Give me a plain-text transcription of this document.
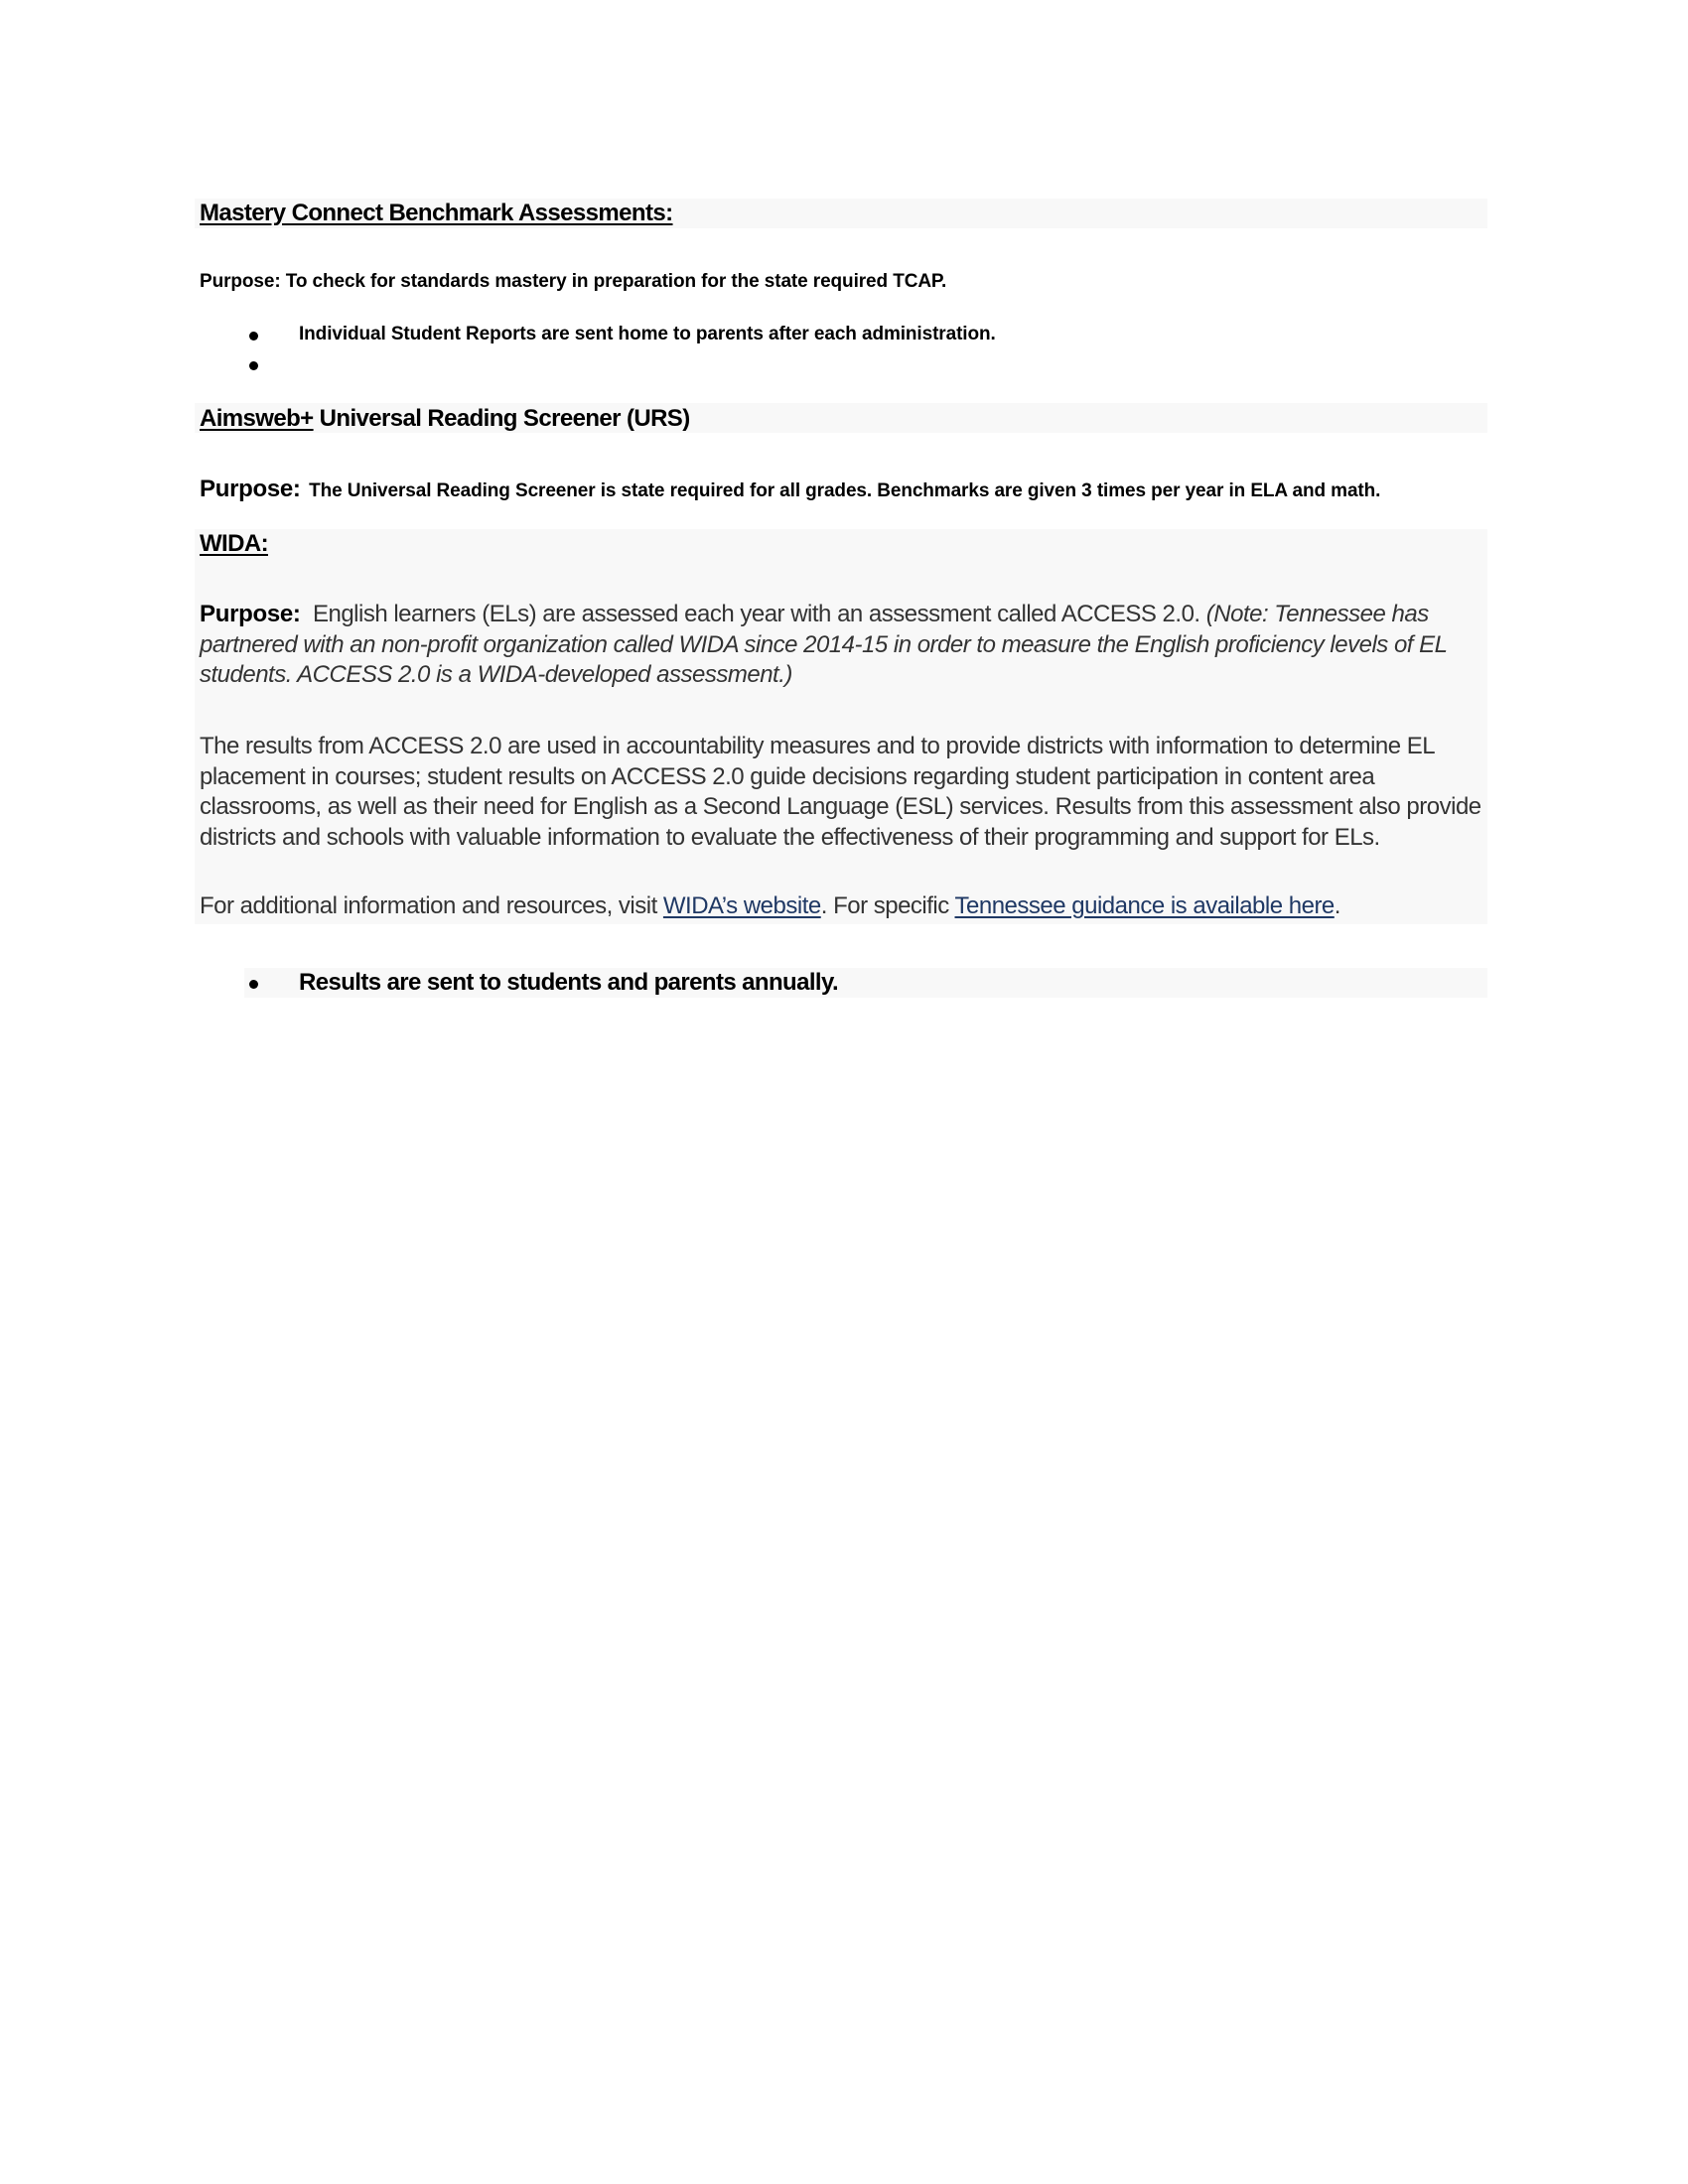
Mastery Connect Benchmark Assessments:
Purpose: To check for standards mastery in preparation for the state required TCAP.
Individual Student Reports are sent home to parents after each administration.
Aimsweb+ Universal Reading Screener (URS)
Purpose: The Universal Reading Screener is state required for all grades. Benchmarks are given 3 times per year in ELA and math.
WIDA:
Purpose: English learners (ELs) are assessed each year with an assessment called ACCESS 2.0. (Note: Tennessee has partnered with an non-profit organization called WIDA since 2014-15 in order to measure the English proficiency levels of EL students. ACCESS 2.0 is a WIDA-developed assessment.)
The results from ACCESS 2.0 are used in accountability measures and to provide districts with information to determine EL placement in courses; student results on ACCESS 2.0 guide decisions regarding student participation in content area classrooms, as well as their need for English as a Second Language (ESL) services. Results from this assessment also provide districts and schools with valuable information to evaluate the effectiveness of their programming and support for ELs.
For additional information and resources, visit WIDA’s website. For specific Tennessee guidance is available here.
Results are sent to students and parents annually.
